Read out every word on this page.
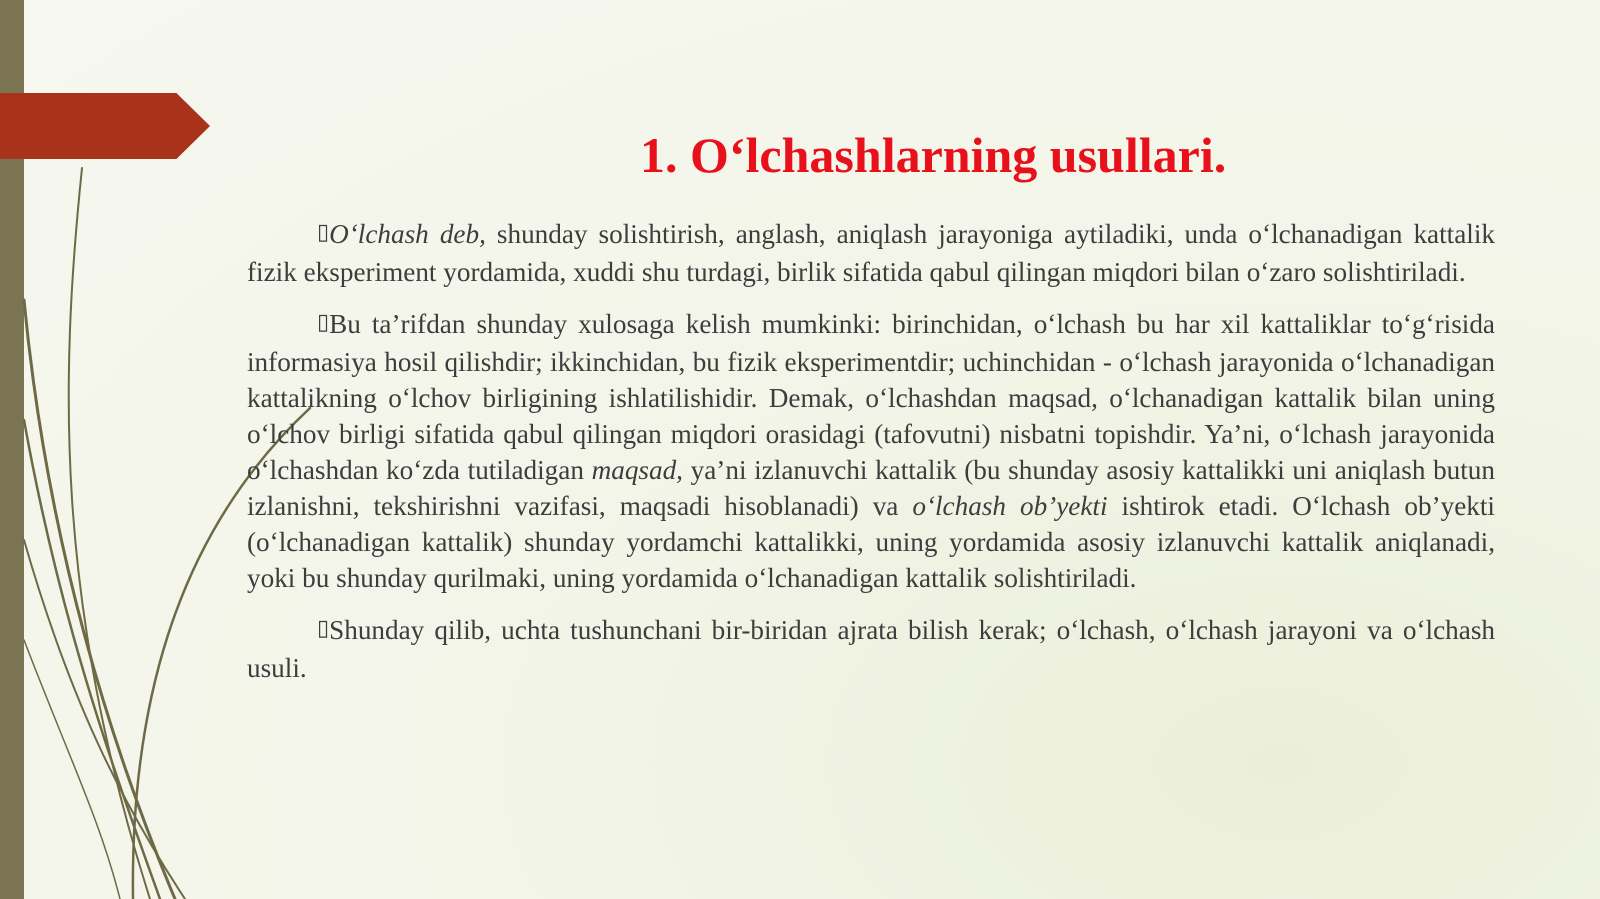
1. O‘lchashlarning usullari.

▯O‘lchash deb, shunday solishtirish, anglash, aniqlash jarayoniga aytiladiki, unda o‘lchanadigan kattalik fizik eksperiment yordamida, xuddi shu turdagi, birlik sifatida qabul qilingan miqdori bilan o‘zaro solishtiriladi.

▯Bu ta’rifdan shunday xulosaga kelish mumkinki: birinchidan, o‘lchash bu har xil kattaliklar to‘g‘risida informasiya hosil qilishdir; ikkinchidan, bu fizik eksperimentdir; uchinchidan - o‘lchash jarayonida o‘lchanadigan kattalikning o‘lchov birligining ishlatilishidir. Demak, o‘lchashdan maqsad, o‘lchanadigan kattalik bilan uning o‘lchov birligi sifatida qabul qilingan miqdori orasidagi (tafovutni) nisbatni topishdir. Ya’ni, o‘lchash jarayonida o‘lchashdan ko‘zda tutiladigan maqsad, ya’ni izlanuvchi kattalik (bu shunday asosiy kattalikki uni aniqlash butun izlanishni, tekshirishni vazifasi, maqsadi hisoblanadi) va o‘lchash ob’yekti ishtirok etadi. O‘lchash ob’yekti (o‘lchanadigan kattalik) shunday yordamchi kattalikki, uning yordamida asosiy izlanuvchi kattalik aniqlanadi, yoki bu shunday qurilmaki, uning yordamida o‘lchanadigan kattalik solishtiriladi.

▯Shunday qilib, uchta tushunchani bir-biridan ajrata bilish kerak; o‘lchash, o‘lchash jarayoni va o‘lchash usuli.
